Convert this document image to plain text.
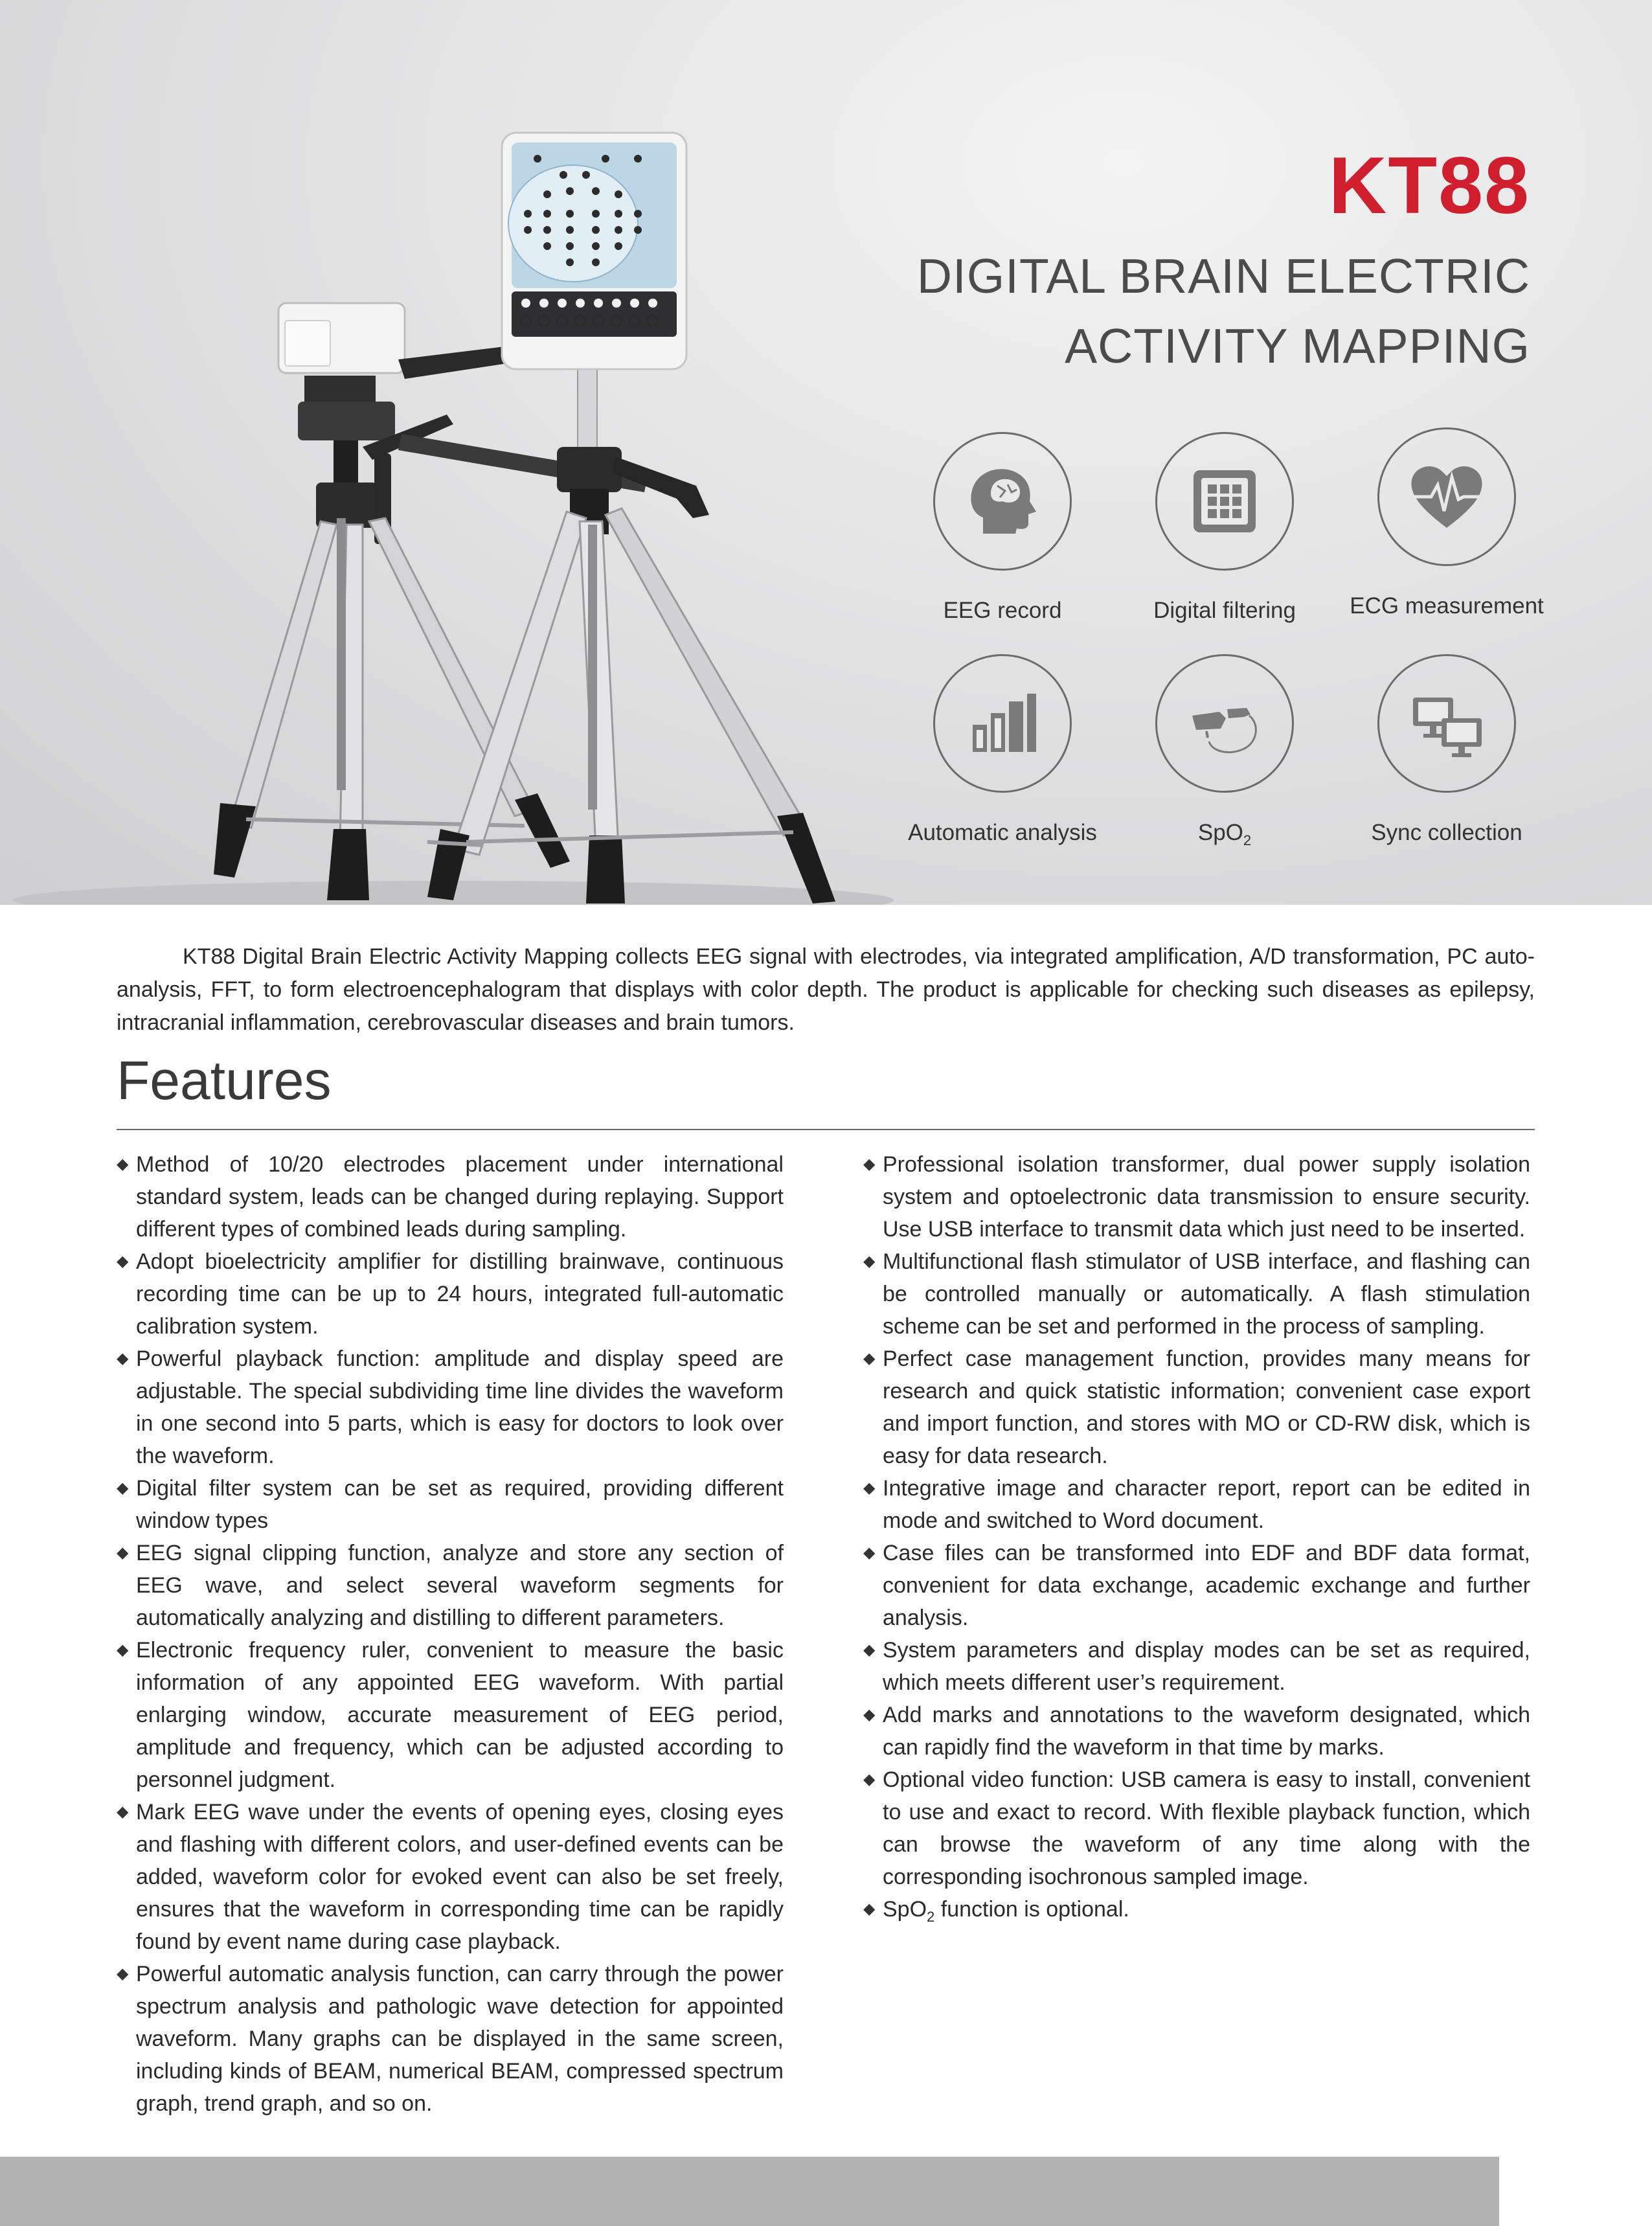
KT88
DIGITAL BRAIN ELECTRIC
ACTIVITY MAPPING
EEG record	Digital filtering	ECG measurement
Automatic analysis	SpO$_2$	Sync collection

KT88 Digital Brain Electric Activity Mapping collects EEG signal with electrodes, via integrated amplification, A/D transformation, PC auto-analysis, FFT, to form electroencephalogram that displays with color depth. The product is applicable for checking such diseases as epilepsy, intracranial inflammation, cerebrovascular diseases and brain tumors.

Features
◆ Method of 10/20 electrodes placement under international standard system, leads can be changed during replaying. Support different types of combined leads during sampling.
◆ Adopt bioelectricity amplifier for distilling brainwave, continuous recording time can be up to 24 hours, integrated full-automatic calibration system.
◆ Powerful playback function: amplitude and display speed are adjustable. The special subdividing time line divides the waveform in one second into 5 parts, which is easy for doctors to look over the waveform.
◆ Digital filter system can be set as required, providing different window types
◆ EEG signal clipping function, analyze and store any section of EEG wave, and select several waveform segments for automatically analyzing and distilling to different parameters.
◆ Electronic frequency ruler, convenient to measure the basic information of any appointed EEG waveform. With partial enlarging window, accurate measurement of EEG period, amplitude and frequency, which can be adjusted according to personnel judgment.
◆ Mark EEG wave under the events of opening eyes, closing eyes and flashing with different colors, and user-defined events can be added, waveform color for evoked event can also be set freely, ensures that the waveform in corresponding time can be rapidly found by event name during case playback.
◆ Powerful automatic analysis function, can carry through the power spectrum analysis and pathologic wave detection for appointed waveform. Many graphs can be displayed in the same screen, including kinds of BEAM, numerical BEAM, compressed spectrum graph, trend graph, and so on.
◆ Professional isolation transformer, dual power supply isolation system and optoelectronic data transmission to ensure security. Use USB interface to transmit data which just need to be inserted.
◆ Multifunctional flash stimulator of USB interface, and flashing can be controlled manually or automatically. A flash stimulation scheme can be set and performed in the process of sampling.
◆ Perfect case management function, provides many means for research and quick statistic information; convenient case export and import function, and stores with MO or CD-RW disk, which is easy for data research.
◆ Integrative image and character report, report can be edited in mode and switched to Word document.
◆ Case files can be transformed into EDF and BDF data format, convenient for data exchange, academic exchange and further analysis.
◆ System parameters and display modes can be set as required, which meets different user’s requirement.
◆ Add marks and annotations to the waveform designated, which can rapidly find the waveform in that time by marks.
◆ Optional video function: USB camera is easy to install, convenient to use and exact to record. With flexible playback function, which can browse the waveform of any time along with the corresponding isochronous sampled image.
◆ SpO$_2$ function is optional.
